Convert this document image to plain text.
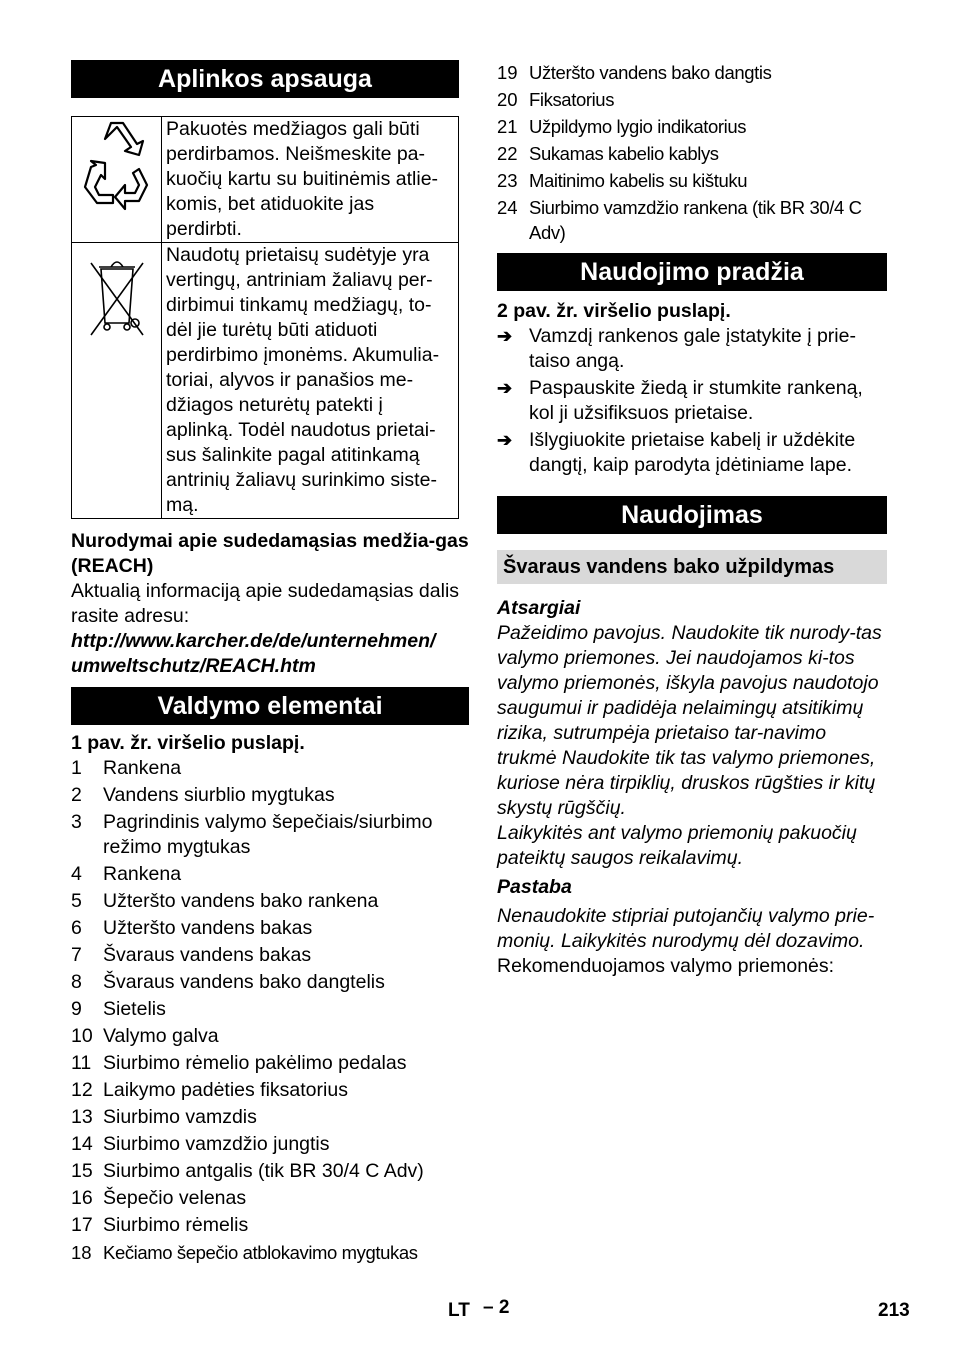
Aplinkos apsauga
	Pakuotės medžiagos gali būti perdirbamos. Neišmeskite pa-kuočių kartu su buitinėmis atlie-komis, bet atiduokite jas perdirbti.
	Naudotų prietaisų sudėtyje yra vertingų, antriniam žaliavų per-dirbimui tinkamų medžiagų, to-dėl jie turėtų būti atiduoti perdirbimo įmonėms. Akumulia-toriai, alyvos ir panašios me-džiagos neturėtų patekti į aplinką. Todėl naudotus prietai-sus šalinkite pagal atitinkamą antrinių žaliavų surinkimo siste-mą.

Nurodymai apie sudedamąsias medžia-gas (REACH)

Aktualią informaciją apie sudedamąsias dalis rasite adresu:

http://www.karcher.de/de/unternehmen/ umweltschutz/REACH.htm

Valdymo elementai

1 pav. žr. viršelio puslapį.

1	Rankena
2	Vandens siurblio mygtukas
3	Pagrindinis valymo šepečiais/siurbimo režimo mygtukas
4	Rankena
5	Užteršto vandens bako rankena
6	Užteršto vandens bakas
7	Švaraus vandens bakas
8	Švaraus vandens bako dangtelis
9	Sietelis
10 Valymo galva
11 Siurbimo rėmelio pakėlimo pedalas
12 Laikymo padėties fiksatorius
13 Siurbimo vamzdis
14 Siurbimo vamzdžio jungtis
15 Siurbimo antgalis (tik BR 30/4 C Adv)
16 Šepečio velenas
17 Siurbimo rėmelis
18 Kečiamo šepečio atblokavimo mygtukas
19 Užteršto vandens bako dangtis
20 Fiksatorius
21 Užpildymo lygio indikatorius
22 Sukamas kabelio kablys
23 Maitinimo kabelis su kištuku
24 Siurbimo vamzdžio rankena (tik BR 30/4 C Adv)
Naudojimo pradžia

2 pav. žr. viršelio puslapį.

➔ Vamzdį rankenos gale įstatykite į prie-taiso angą.
➔ Paspauskite žiedą ir stumkite rankeną, kol ji užsifiksuos prietaise.
➔ Išlygiuokite prietaise kabelį ir uždėkite dangtį, kaip parodyta įdėtiniame lape.
Naudojimas
Švaraus vandens bako užpildymas

Atsargiai

Pažeidimo pavojus. Naudokite tik nurody-tas valymo priemones. Jei naudojamos ki-tos valymo priemonės, iškyla pavojus naudotojo saugumui ir padidėja nelaimingų atsitikimų rizika, sutrumpėja prietaiso tar-navimo trukmė Naudokite tik tas valymo priemones, kuriose nėra tirpiklių, druskos rūgšties ir kitų skystų rūgščių.

Laikykitės ant valymo priemonių pakuočių pateiktų saugos reikalavimų.

Pastaba

Nenaudokite stipriai putojančių valymo prie-monių. Laikykitės nurodymų dėl dozavimo.

Rekomenduojamos valymo priemonės:

LT – 2	213
